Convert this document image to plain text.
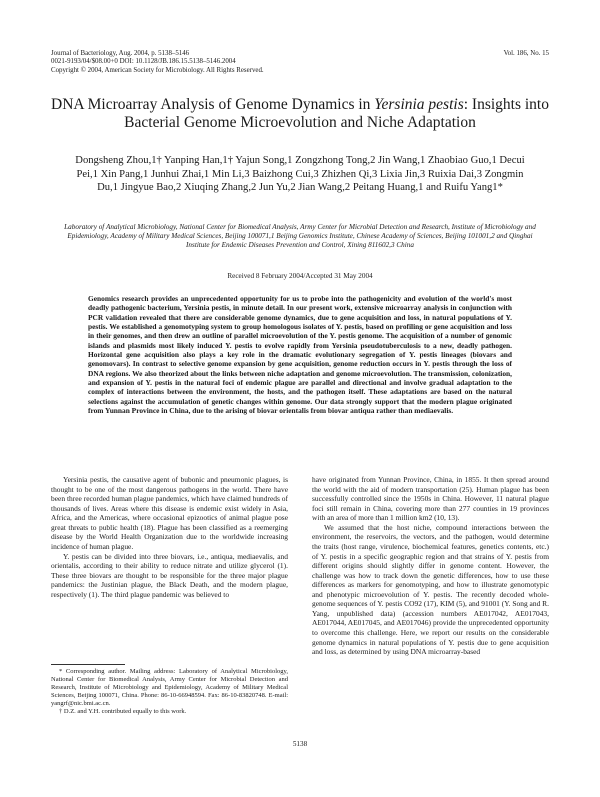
Journal of Bacteriology, Aug. 2004, p. 5138–5146
0021-9193/04/$08.00+0 DOI: 10.1128/JB.186.15.5138–5146.2004
Copyright © 2004, American Society for Microbiology. All Rights Reserved.
Vol. 186, No. 15
DNA Microarray Analysis of Genome Dynamics in Yersinia pestis: Insights into Bacterial Genome Microevolution and Niche Adaptation
Dongsheng Zhou,1† Yanping Han,1† Yajun Song,1 Zongzhong Tong,2 Jin Wang,1 Zhaobiao Guo,1 Decui Pei,1 Xin Pang,1 Junhui Zhai,1 Min Li,3 Baizhong Cui,3 Zhizhen Qi,3 Lixia Jin,3 Ruixia Dai,3 Zongmin Du,1 Jingyue Bao,2 Xiuqing Zhang,2 Jun Yu,2 Jian Wang,2 Peitang Huang,1 and Ruifu Yang1*
Laboratory of Analytical Microbiology, National Center for Biomedical Analysis, Army Center for Microbial Detection and Research, Institute of Microbiology and Epidemiology, Academy of Military Medical Sciences, Beijing 100071,1 Beijing Genomics Institute, Chinese Academy of Sciences, Beijing 101001,2 and Qinghai Institute for Endemic Diseases Prevention and Control, Xining 811602,3 China
Received 8 February 2004/Accepted 31 May 2004
Genomics research provides an unprecedented opportunity for us to probe into the pathogenicity and evolution of the world's most deadly pathogenic bacterium, Yersinia pestis, in minute detail. In our present work, extensive microarray analysis in conjunction with PCR validation revealed that there are considerable genome dynamics, due to gene acquisition and loss, in natural populations of Y. pestis. We established a genomotyping system to group homologous isolates of Y. pestis, based on profiling or gene acquisition and loss in their genomes, and then drew an outline of parallel microevolution of the Y. pestis genome. The acquisition of a number of genomic islands and plasmids most likely induced Y. pestis to evolve rapidly from Yersinia pseudotuberculosis to a new, deadly pathogen. Horizontal gene acquisition also plays a key role in the dramatic evolutionary segregation of Y. pestis lineages (biovars and genomovars). In contrast to selective genome expansion by gene acquisition, genome reduction occurs in Y. pestis through the loss of DNA regions. We also theorized about the links between niche adaptation and genome microevolution. The transmission, colonization, and expansion of Y. pestis in the natural foci of endemic plague are parallel and directional and involve gradual adaptation to the complex of interactions between the environment, the hosts, and the pathogen itself. These adaptations are based on the natural selections against the accumulation of genetic changes within genome. Our data strongly support that the modern plague originated from Yunnan Province in China, due to the arising of biovar orientalis from biovar antiqua rather than mediaevalis.

Yersinia pestis, the causative agent of bubonic and pneumonic plagues, is thought to be one of the most dangerous pathogens in the world. There have been three recorded human plague pandemics, which have claimed hundreds of thousands of lives. Areas where this disease is endemic exist widely in Asia, Africa, and the Americas, where occasional epizootics of animal plague pose great threats to public health (18). Plague has been classified as a reemerging disease by the World Health Organization due to the worldwide increasing incidence of human plague.

Y. pestis can be divided into three biovars, i.e., antiqua, mediaevalis, and orientalis, according to their ability to reduce nitrate and utilize glycerol (1). These three biovars are thought to be responsible for the three major plague pandemics: the Justinian plague, the Black Death, and the modern plague, respectively (1). The third plague pandemic was believed to

have originated from Yunnan Province, China, in 1855. It then spread around the world with the aid of modern transportation (25). Human plague has been successfully controlled since the 1950s in China. However, 11 natural plague foci still remain in China, covering more than 277 counties in 19 provinces with an area of more than 1 million km2 (10, 13).

We assumed that the host niche, compound interactions between the environment, the reservoirs, the vectors, and the pathogen, would determine the traits (host range, virulence, biochemical features, genetics contents, etc.) of Y. pestis in a specific geographic region and that strains of Y. pestis from different origins should slightly differ in genome content. However, the challenge was how to track down the genetic differences, how to use these differences as markers for genomotyping, and how to illustrate genomotypic and phenotypic microevolution of Y. pestis. The recently decoded whole-genome sequences of Y. pestis CO92 (17), KIM (5), and 91001 (Y. Song and R. Yang, unpublished data) (accession numbers AE017042, AE017043, AE017044, AE017045, and AE017046) provide the unprecedented opportunity to overcome this challenge. Here, we report our results on the considerable genome dynamics in natural populations of Y. pestis due to gene acquisition and loss, as determined by using DNA microarray-based

* Corresponding author. Mailing address: Laboratory of Analytical Microbiology, National Center for Biomedical Analysis, Army Center for Microbial Detection and Research, Institute of Microbiology and Epidemiology, Academy of Military Medical Sciences, Beijing 100071, China. Phone: 86-10-66948594. Fax: 86-10-83820748. E-mail: yangrf@nic.bmi.ac.cn.

† D.Z. and Y.H. contributed equally to this work.

5138
